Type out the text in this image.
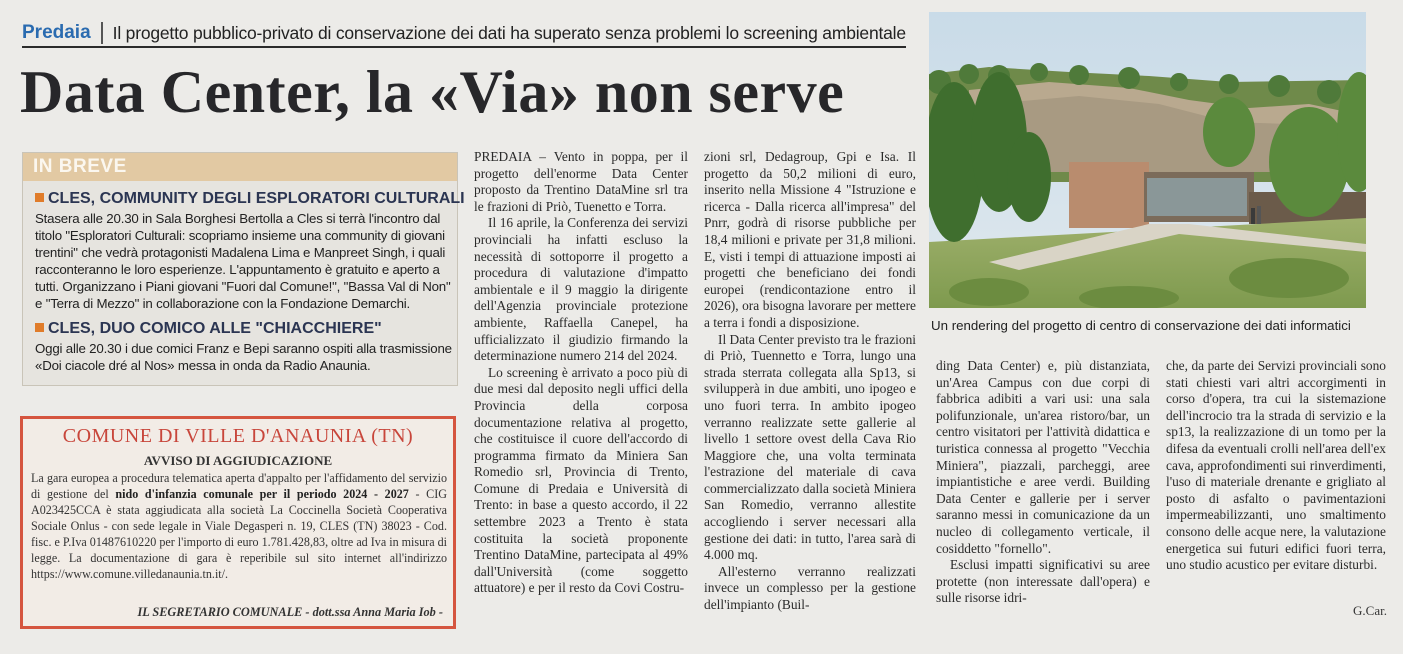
Predaia	Il progetto pubblico-privato di conservazione dei dati ha superato senza problemi lo screening ambientale
Data Center, la «Via» non serve
IN BREVE
CLES, COMMUNITY DEGLI ESPLORATORI CULTURALI
Stasera alle 20.30 in Sala Borghesi Bertolla a Cles si terrà l'incontro dal titolo "Esploratori Culturali: scopriamo insieme una community di giovani trentini" che vedrà protagonisti Madalena Lima e Manpreet Singh, i quali racconteranno le loro esperienze. L'appuntamento è gratuito e aperto a tutti. Organizzano i Piani giovani "Fuori dal Comune!", "Bassa Val di Non" e "Terra di Mezzo" in collaborazione con la Fondazione Demarchi.
CLES, DUO COMICO ALLE "CHIACCHIERE"
Oggi alle 20.30 i due comici Franz e Bepi saranno ospiti alla trasmissione «Doi ciacole dré al Nos» messa in onda da Radio Anaunia.
COMUNE DI VILLE D'ANAUNIA (TN)
AVVISO DI AGGIUDICAZIONE
La gara europea a procedura telematica aperta d'appalto per l'affidamento del servizio di gestione del nido d'infanzia comunale per il periodo 2024 - 2027 - CIG A023425CCA è stata aggiudicata alla società La Coccinella Società Cooperativa Sociale Onlus - con sede legale in Viale Degasperi n. 19, CLES (TN) 38023 - Cod. fisc. e P.Iva 01487610220 per l'importo di euro 1.781.428,83, oltre ad Iva in misura di legge. La documentazione di gara è reperibile sul sito internet all'indirizzo https://www.comune.villedanaunia.tn.it/.
IL SEGRETARIO COMUNALE - dott.ssa Anna Maria Iob -

PREDAIA – Vento in poppa, per il progetto dell'enorme Data Center proposto da Trentino DataMine srl tra le frazioni di Priò, Tuenetto e Torra.

Il 16 aprile, la Conferenza dei servizi provinciali ha infatti escluso la necessità di sottoporre il progetto a procedura di valutazione d'impatto ambientale e il 9 maggio la dirigente dell'Agenzia provinciale protezione ambiente, Raffaella Canepel, ha ufficializzato il giudizio firmando la determinazione numero 214 del 2024.

Lo screening è arrivato a poco più di due mesi dal deposito negli uffici della Provincia della corposa documentazione relativa al progetto, che costituisce il cuore dell'accordo di programma firmato da Miniera San Romedio srl, Provincia di Trento, Comune di Predaia e Università di Trento: in base a questo accordo, il 22 settembre 2023 a Trento è stata costituita la società proponente Trentino DataMine, partecipata al 49% dall'Università (come soggetto attuatore) e per il resto da Covi Costru-

zioni srl, Dedagroup, Gpi e Isa. Il progetto da 50,2 milioni di euro, inserito nella Missione 4 "Istruzione e ricerca - Dalla ricerca all'impresa" del Pnrr, godrà di risorse pubbliche per 18,4 milioni e private per 31,8 milioni. E, visti i tempi di attuazione imposti ai progetti che beneficiano dei fondi europei (rendicontazione entro il 2026), ora bisogna lavorare per mettere a terra i fondi a disposizione.

Il Data Center previsto tra le frazioni di Priò, Tuennetto e Torra, lungo una strada sterrata collegata alla Sp13, si svilupperà in due ambiti, uno ipogeo e uno fuori terra. In ambito ipogeo verranno realizzate sette gallerie al livello 1 settore ovest della Cava Rio Maggiore che, una volta terminata l'estrazione del materiale di cava commercializzato dalla società Miniera San Romedio, verranno allestite accogliendo i server necessari alla gestione dei dati: in tutto, l'area sarà di 4.000 mq.

All'esterno verranno realizzati invece un complesso per la gestione dell'impianto (Buil-

ding Data Center) e, più distanziata, un'Area Campus con due corpi di fabbrica adibiti a vari usi: una sala polifunzionale, un'area ristoro/bar, un centro visitatori per l'attività didattica e turistica connessa al progetto "Vecchia Miniera", piazzali, parcheggi, aree impiantistiche e aree verdi. Building Data Center e gallerie per i server saranno messi in comunicazione da un nucleo di collegamento verticale, il cosiddetto "fornello".

Esclusi impatti significativi su aree protette (non interessate dall'opera) e sulle risorse idri-

che, da parte dei Servizi provinciali sono stati chiesti vari altri accorgimenti in corso d'opera, tra cui la sistemazione dell'incrocio tra la strada di servizio e la sp13, la realizzazione di un tomo per la difesa da eventuali crolli nell'area dell'ex cava, approfondimenti sui rinverdimenti, l'uso di materiale drenante e grigliato al posto di asfalto o pavimentazioni impermeabilizzanti, uno smaltimento consono delle acque nere, la valutazione energetica sui futuri edifici fuori terra, uno studio acustico per evitare disturbi.

G.Car.
Un rendering del progetto di centro di conservazione dei dati informatici
